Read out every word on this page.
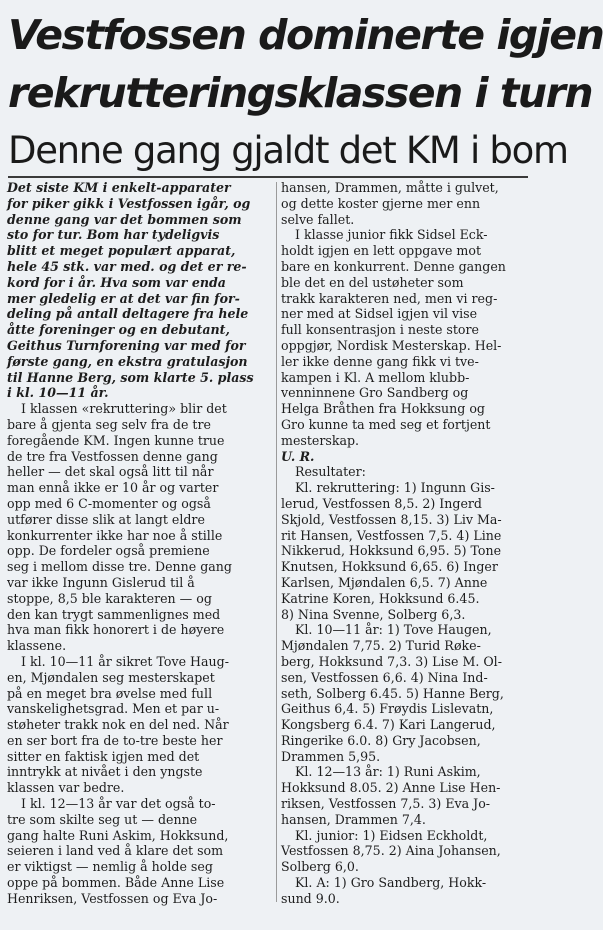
Vestfossen dominerte igjen
rekrutteringsklassen i turn
Denne gang gjaldt det KM i bom

Det siste KM i enkelt-apparater
for piker gikk i Vestfossen igår, og
denne gang var det bommen som
sto for tur. Bom har tydeligvis
blitt et meget populært apparat,
hele 45 stk. var med. og det er re-
kord for i år. Hva som var enda
mer gledelig er at det var fin for-
deling på antall deltagere fra hele
åtte foreninger og en debutant,
Geithus Turnforening var med for
første gang, en ekstra gratulasjon
til Hanne Berg, som klarte 5. plass
i kl. 10—11 år.

I klassen «rekruttering» blir det
bare å gjenta seg selv fra de tre
foregående KM. Ingen kunne true
de tre fra Vestfossen denne gang
heller — det skal også litt til når
man ennå ikke er 10 år og varter
opp med 6 C-momenter og også
utfører disse slik at langt eldre
konkurrenter ikke har noe å stille
opp. De fordeler også premiene
seg i mellom disse tre. Denne gang
var ikke Ingunn Gislerud til å
stoppe, 8,5 ble karakteren — og
den kan trygt sammenlignes med
hva man fikk honorert i de høyere
klassene.

I kl. 10—11 år sikret Tove Haug-
en, Mjøndalen seg mesterskapet
på en meget bra øvelse med full
vanskelighetsgrad. Men et par u-
støheter trakk nok en del ned. Når
en ser bort fra de to-tre beste her
sitter en faktisk igjen med det
inntrykk at nivået i den yngste
klassen var bedre.

I kl. 12—13 år var det også to-
tre som skilte seg ut — denne
gang halte Runi Askim, Hokksund,
seieren i land ved å klare det som
er viktigst — nemlig å holde seg
oppe på bommen. Både Anne Lise
Henriksen, Vestfossen og Eva Jo-

hansen, Drammen, måtte i gulvet,
og dette koster gjerne mer enn
selve fallet.

I klasse junior fikk Sidsel Eck-
holdt igjen en lett oppgave mot
bare en konkurrent. Denne gangen
ble det en del ustøheter som
trakk karakteren ned, men vi reg-
ner med at Sidsel igjen vil vise
full konsentrasjon i neste store
oppgjør, Nordisk Mesterskap. Hel-
ler ikke denne gang fikk vi tve-
kampen i Kl. A mellom klubb-
venninnene Gro Sandberg og
Helga Bråthen fra Hokksung og
Gro kunne ta med seg et fortjent
mesterskap.

U. R.

Resultater:

Kl. rekruttering: 1) Ingunn Gis-
lerud, Vestfossen 8,5. 2) Ingerd
Skjold, Vestfossen 8,15. 3) Liv Ma-
rit Hansen, Vestfossen 7,5. 4) Line
Nikkerud, Hokksund 6,95. 5) Tone
Knutsen, Hokksund 6,65. 6) Inger
Karlsen, Mjøndalen 6,5. 7) Anne
Katrine Koren, Hokksund 6.45.
8) Nina Svenne, Solberg 6,3.

Kl. 10—11 år: 1) Tove Haugen,
Mjøndalen 7,75. 2) Turid Røke-
berg, Hokksund 7,3. 3) Lise M. Ol-
sen, Vestfossen 6,6. 4) Nina Ind-
seth, Solberg 6.45. 5) Hanne Berg,
Geithus 6,4. 5) Frøydis Lislevatn,
Kongsberg 6.4. 7) Kari Langerud,
Ringerike 6.0. 8) Gry Jacobsen,
Drammen 5,95.

Kl. 12—13 år: 1) Runi Askim,
Hokksund 8.05. 2) Anne Lise Hen-
riksen, Vestfossen 7,5. 3) Eva Jo-
hansen, Drammen 7,4.

Kl. junior: 1) Eidsen Eckholdt,
Vestfossen 8,75. 2) Aina Johansen,
Solberg 6,0.

Kl. A: 1) Gro Sandberg, Hokk-
sund 9.0.
